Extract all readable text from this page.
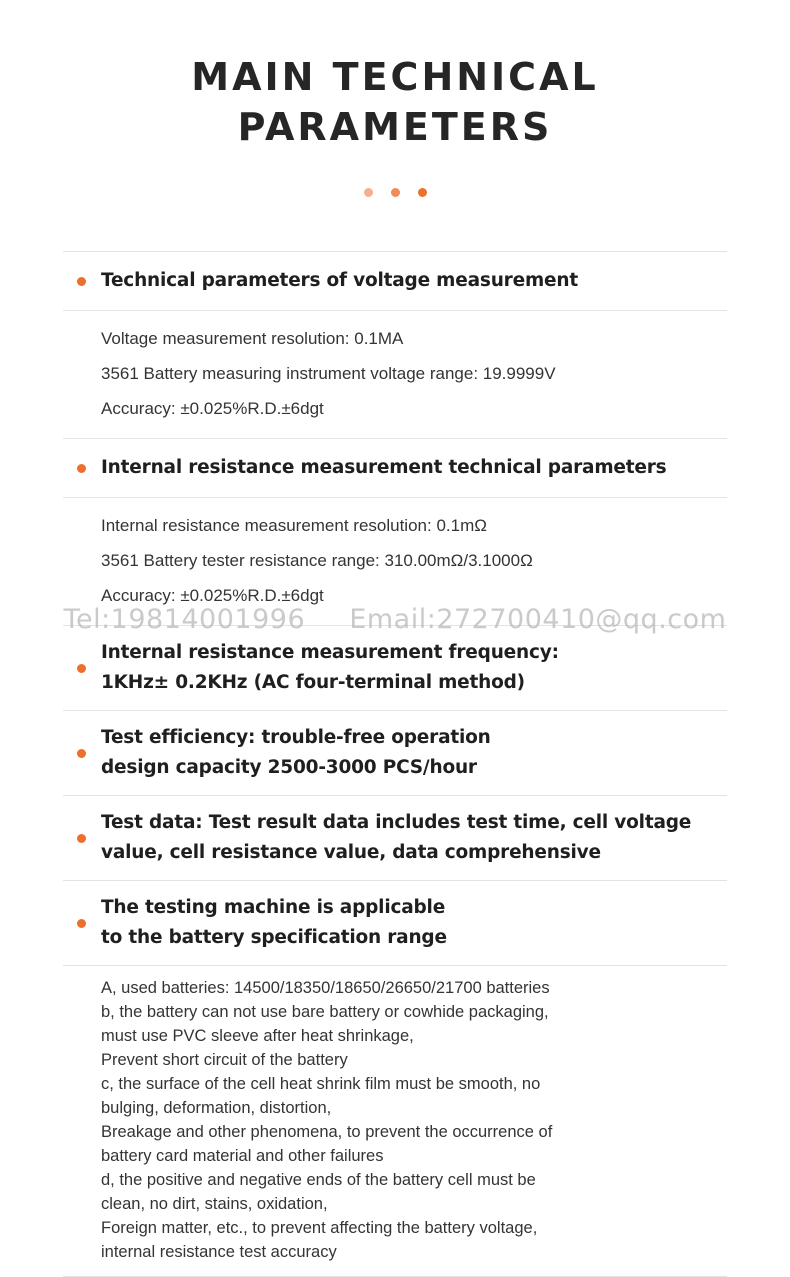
MAIN TECHNICAL PARAMETERS
Technical parameters of voltage measurement
Voltage measurement resolution: 0.1MA
3561 Battery measuring instrument voltage range: 19.9999V
Accuracy: ±0.025%R.D.±6dgt
Internal resistance measurement technical parameters
Internal resistance measurement resolution: 0.1mΩ
3561 Battery tester resistance range: 310.00mΩ/3.1000Ω
Accuracy: ±0.025%R.D.±6dgt
Internal resistance measurement frequency:
1KHz± 0.2KHz (AC four-terminal method)
Test efficiency: trouble-free operation
design capacity 2500-3000 PCS/hour
Test data: Test result data includes test time, cell voltage
value, cell resistance value, data comprehensive
The testing machine is applicable
to the battery specification range
A, used batteries: 14500/18350/18650/26650/21700 batteries
b, the battery can not use bare battery or cowhide packaging,
must use PVC sleeve after heat shrinkage,
Prevent short circuit of the battery
c, the surface of the cell heat shrink film must be smooth, no
bulging, deformation, distortion,
Breakage and other phenomena, to prevent the occurrence of
battery card material and other failures
d, the positive and negative ends of the battery cell must be
clean, no dirt, stains, oxidation,
Foreign matter, etc., to prevent affecting the battery voltage,
internal resistance test accuracy
Tel:19814001996 Email:272700410@qq.com
